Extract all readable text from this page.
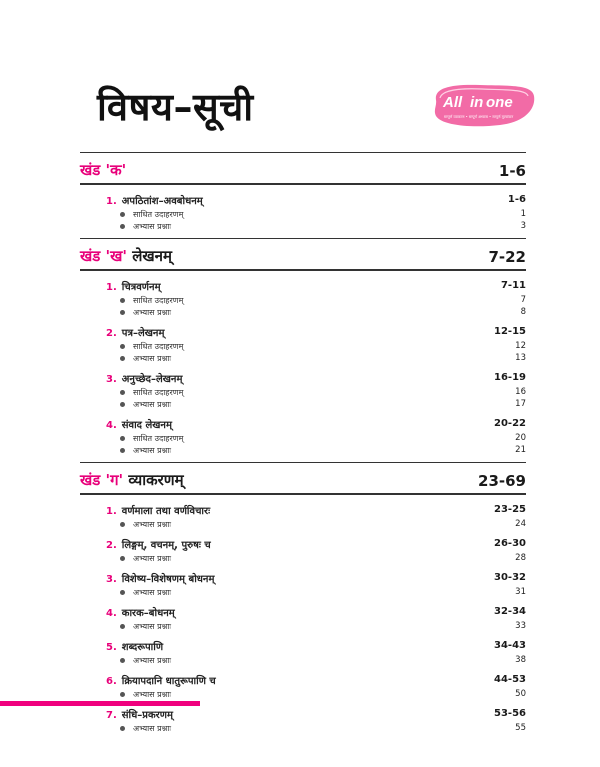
विषय–सूची	All in one
सम्पूर्ण व्याकरण • सम्पूर्ण अभ्यास • सम्पूर्ण मूल्यांकन
खंड 'क'	1-6
1. अपठितांश–अवबोधनम्	1-6
साधित उदाहरणम्	1
अभ्यास प्रश्नाः	3
खंड 'ख' लेखनम्	7-22
1. चित्रवर्णनम्	7-11
साधित उदाहरणम्	7
अभ्यास प्रश्नाः	8
2. पत्र–लेखनम्	12-15
साधित उदाहरणम्	12
अभ्यास प्रश्नाः	13
3. अनुच्छेद–लेखनम्	16-19
साधित उदाहरणम्	16
अभ्यास प्रश्नाः	17
4. संवाद लेखनम्	20-22
साधित उदाहरणम्	20
अभ्यास प्रश्नाः	21
खंड 'ग' व्याकरणम्	23-69
1. वर्णमाला तथा वर्णविचारः	23-25
अभ्यास प्रश्नाः	24
2. लिङ्गम्, वचनम्, पुरुषः च	26-30
अभ्यास प्रश्नाः	28
3. विशेष्य–विशेषणम् बोधनम्	30-32
अभ्यास प्रश्नाः	31
4. कारक–बोधनम्	32-34
अभ्यास प्रश्नाः	33
5. शब्दरूपाणि	34-43
अभ्यास प्रश्नाः	38
6. क्रियापदानि धातुरूपाणि च	44-53
अभ्यास प्रश्नाः	50
7. संधि–प्रकरणम्	53-56
अभ्यास प्रश्नाः	55
